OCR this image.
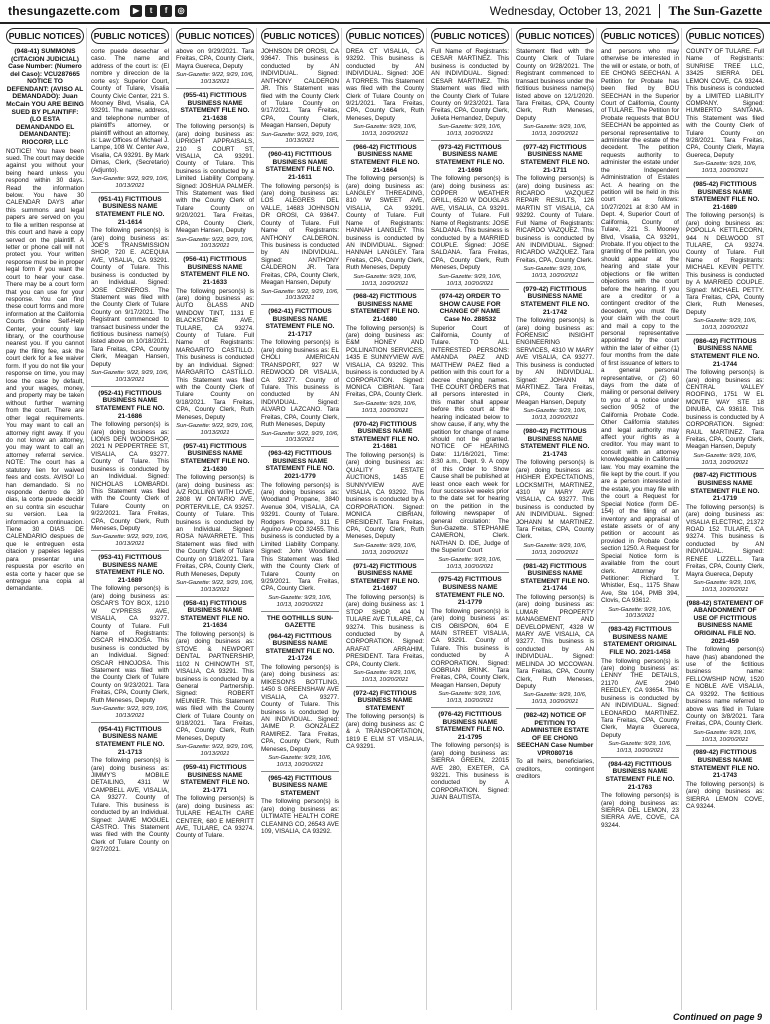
thesungazette.com	▶	t	f	◎	Wednesday, October 13, 2021 The Sun-Gazette
PUBLIC NOTICES
(948-41) SUMMONS (CITACION JUDICIAL) Case Number: (Numero del Caso): VCU287665 NOTICE TO DEFENDANT: (AVISO AL DEMANDADO): Juan McCain YOU ARE BEING SUED BY PLAINTIFF: (LO ESTA DEMANDANDO EL DEMANDANTE): RIOCORP, LLC
NOTICE! You have been sued. The court may decide against you without your being heard unless you respond within 30 days. Read the information below. You have 30 CALENDAR DAYS after this summons and legal papers are served on you to file a written response at this court and have a copy served on the plaintiff. A letter or phone call will not protect you. Your written response must be in proper legal form if you want the court to hear your case. There may be a court form that you can use for your response. You can find these court forms and more information at the California Courts Online Self-Help Center, your county law library, or the courthouse nearest you. If you cannot pay the filing fee, ask the court clerk for a fee waiver form. If you do not file your response on time, you may lose the case by default, and your wages, money, and property may be taken without further warning from the court. There are other legal requirements. You may want to call an attorney right away. If you do not know an attorney, you may want to call an attorney referral service. NOTE: The court has a statutory lien for waived fees and costs. AVISO! Lo han demandado. Si no responde dentro de 30 dias, la corte puede decidir en su contra sin escuchar su version. Lea la informacion a continuacion. Tiene 30 DIAS DE CALENDARIO despues de que le entreguen esta citacion y papeles legales para presentar una respuesta por escrito en esta corte y hacer que se entregue una copia al demandante.
PUBLIC NOTICES
corte puede desechar el caso. The name and address of the court is: (El nombre y direccion de la corte es): Superior Court, County of Tulare, Visalia County Civic Center, 221 S. Mooney Blvd, Visalia, CA 93291. The name, address, and telephone number of plaintiff's attorney, or plaintiff without an attorney, is: Law Offices of Michael J. Lampe, 108 W. Center Ave, Visalia, CA 93291. By Mark Dimas, Clerk, (Secretario) (Adjunto).
Sun-Gazette: 9/22, 9/29, 10/6, 10/13/2021
(951-41) FICTITIOUS BUSINESS NAME STATEMENT FILE NO. 21-1614
The following person(s) is (are) doing business as: JOE'S TRANSMISSION SHOP, 720 E. ACEQUIA AVE, VISALIA, CA 93291. County of Tulare. This business is conducted by an Individual. Signed: JOSE CISNEROS. The Statement was filed with the County Clerk of Tulare County on 9/17/2021. The Registrant commenced to transact business under the fictitious business name(s) listed above on 10/18/2021. Tara Freitas, CPA, County Clerk, Meagan Hansen, Deputy
Sun-Gazette: 9/22, 9/29, 10/6, 10/13/2021
(952-41) FICTITIOUS BUSINESS NAME STATEMENT FILE NO. 21-1686
The following person(s) is (are) doing business as: LIONS DEN WOODSHOP, 2021 N PEPPERTREE ST, VISALIA, CA 93277. County of Tulare. This business is conducted by an Individual. Signed: NICHOLAS LOMBARDI. This Statement was filed with the County Clerk of Tulare County on 9/22/2021. Tara Freitas, CPA, County Clerk, Ruth Meneses, Deputy
Sun-Gazette: 9/22, 9/29, 10/6, 10/13/2021
(953-41) FICTITIOUS BUSINESS NAME STATEMENT FILE NO. 21-1689
The following person(s) is (are) doing business as: OSCAR'S TOY BOX, 1210 W CYPRESS AVE, VISALIA, CA 93277. County of Tulare. Full Name of Registrants: OSCAR HINOJOSA. This business is conducted by an Individual. Signed: OSCAR HINOJOSA. This Statement was filed with the County Clerk of Tulare County on 9/23/2021. Tara Freitas, CPA, County Clerk, Ruth Meneses, Deputy
Sun-Gazette: 9/22, 9/29, 10/6, 10/13/2021
(954-41) FICTITIOUS BUSINESS NAME STATEMENT FILE NO. 21-1713
The following person(s) is (are) doing business as: JIMMY'S MOBILE DETAILING, 4311 W CAMPBELL AVE, VISALIA, CA 93277. County of Tulare. This business is conducted by an Individual. Signed: JAIME MOGUEL CASTRO. This Statement was filed with the County Clerk of Tulare County on 9/27/2021.
PUBLIC NOTICES
above on 9/29/2021. Tara Freitas, CPA, County Clerk, Mayra Guereca, Deputy
Sun-Gazette: 9/22, 9/29, 10/6, 10/13/2021
(955-41) FICTITIOUS BUSINESS NAME STATEMENT FILE NO. 21-1638
The following person(s) is (are) doing business as: UPRIGHT APPRAISALS, 210 S COURT ST, VISALIA, CA 93291. County of Tulare. This business is conducted by a Limited Liability Company. Signed: JOSHUA PALMER. This Statement was filed with the County Clerk of Tulare County on 9/20/2021. Tara Freitas, CPA, County Clerk, Meagan Hansen, Deputy
Sun-Gazette: 9/22, 9/29, 10/6, 10/13/2021
(956-41) FICTITIOUS BUSINESS NAME STATEMENT FILE NO. 21-1633
The following person(s) is (are) doing business as: AUTO GLASS AND WINDOW TINT, 1131 E BLACKSTONE AVE, TULARE, CA 93274. County of Tulare. Full Name of Registrants: MARGARITO CASTILLO. This business is conducted by an Individual. Signed: MARGARITO CASTILLO. This Statement was filed with the County Clerk of Tulare County on 9/18/2021. Tara Freitas, CPA, County Clerk, Ruth Meneses, Deputy
Sun-Gazette: 9/22, 9/29, 10/6, 10/13/2021
(957-41) FICTITIOUS BUSINESS NAME STATEMENT FILE NO. 21-1630
The following person(s) is (are) doing business as: A/Z ROLLING WITH LOVE, 2808 W ONTARIO AVE, PORTERVILLE, CA 93257. County of Tulare. This business is conducted by an Individual. Signed: ROSA NAVARRETE. This Statement was filed with the County Clerk of Tulare County on 9/18/2021. Tara Freitas, CPA, County Clerk, Ruth Meneses, Deputy
Sun-Gazette: 9/22, 9/29, 10/6, 10/13/2021
(958-41) FICTITIOUS BUSINESS NAME STATEMENT FILE NO. 21-1634
The following person(s) is (are) doing business as: STOVE & NEWPORT DENTAL PARTNERSHIP, 1102 N CHINOWTH ST, VISALIA, CA 93291. This business is conducted by a General Partnership. Signed: ROBERT MEUNIER. This Statement was filed with the County Clerk of Tulare County on 9/18/2021. Tara Freitas, CPA, County Clerk, Ruth Meneses, Deputy
Sun-Gazette: 9/22, 9/29, 10/6, 10/13/2021
(959-41) FICTITIOUS BUSINESS NAME STATEMENT FILE NO. 21-1771
The following person(s) is (are) doing business as: TULARE HEALTH CARE CENTER, 680 E MERRITT AVE, TULARE, CA 93274. County of Tulare.
PUBLIC NOTICES
JOHNSON DR OROSI, CA 93647. This business is conducted by AN INDIVIDUAL. Signed: ANTHONY CALDERON JR. This Statement was filed with the County Clerk of Tulare County on 9/17/2021. Tara Freitas, CPA, County Clerk, Meagan Hansen, Deputy
Sun-Gazette: 9/22, 9/29, 10/6, 10/13/2021
(960-41) FICTITIOUS BUSINESS NAME STATEMENT FILE NO. 21-1611
The following person(s) is (are) doing business as: LOS ALEGRES DEL VALLE, 14683 JOHNSON DR OROSI, CA 93647. County of Tulare. Full Name of Registrants: ANTHONY CALDERON. This business is conducted by AN INDIVIDUAL. Signed: ANTHONY CALDERON JR. Tara Freitas, CPA, County Clerk, Meagan Hansen, Deputy
Sun-Gazette: 9/22, 9/29, 10/6, 10/13/2021
(962-41) FICTITIOUS BUSINESS NAME STATEMENT FILE NO. 21-1717
The following person(s) is (are) doing business as: EL CHOLI AMERICAN TRANSPORT, 927 W REDWOOD DR VISALIA, CA 93277. County of Tulare. This business is conducted by AN INDIVIDUAL. Signed: ALVARO LAZCANO. Tara Freitas, CPA, County Clerk, Ruth Meneses, Deputy
Sun-Gazette: 9/22, 9/29, 10/6, 10/13/2021
(963-42) FICTITIOUS BUSINESS NAME STATEMENT FILE NO. 2021-1779
The following person(s) is (are) doing business as: Woodland Propane, 3840 Avenue 304, VISALIA, CA 93291. County of Tulare. Rodgers Propane, 311 E Aguino Ave CO 32455. This business is conducted by a Limited Liability Company. Signed: John Woodland. This Statement was filed with the County Clerk of Tulare County on 9/29/2021. Tara Freitas, CPA, County Clerk.
Sun-Gazette: 9/29, 10/6, 10/13, 10/20/2021
THE GOTHILLS SUN-GAZETTE
(964-42) FICTITIOUS BUSINESS NAME STATEMENT FILE NO. 21-1724
The following person(s) is (are) doing business as: MIKESON'S BOTTLING, 1450 S GREENSHAW AVE VISALIA, CA 93277. County of Tulare. This business is conducted by AN INDIVIDUAL. Signed: JAIME P. GONZALEZ RAMIREZ. Tara Freitas, CPA, County Clerk, Ruth Meneses, Deputy
Sun-Gazette: 9/29, 10/6, 10/13, 10/20/2021
(965-42) FICTITIOUS BUSINESS NAME STATEMENT
The following person(s) is (are) doing business as: ULTIMATE HEALTH CORE CLEANING CO, 26543 AVE 109, VISALIA, CA 93292.
PUBLIC NOTICES
DREA CT VISALIA, CA 93292. This business is conducted by AN INDIVIDUAL. Signed: JOE A TORRES. This Statement was filed with the County Clerk of Tulare County on 9/21/2021. Tara Freitas, CPA, County Clerk, Ruth Meneses, Deputy
Sun-Gazette: 9/29, 10/6, 10/13, 10/20/2021
(966-42) FICTITIOUS BUSINESS NAME STATEMENT FILE NO. 21-1664
The following person(s) is (are) doing business as: LANGLEY THREADING, 810 W SWEET AVE, VISALIA, CA 93291. County of Tulare. Full Name of Registrants: HANNAH LANGLEY. This business is conducted by AN INDIVIDUAL. Signed: HANNAH LANGLEY. Tara Freitas, CPA, County Clerk, Ruth Meneses, Deputy
Sun-Gazette: 9/29, 10/6, 10/13, 10/20/2021
(968-42) FICTITIOUS BUSINESS NAME STATEMENT FILE NO. 21-1680
The following person(s) is (are) doing business as: E&M HONEY AND POLLINATION SERVICES, 1435 E SUNNYVIEW AVE VISALIA, CA 93292. This business is conducted by A CORPORATION. Signed: MONICA CIBRIAN. Tara Freitas, CPA, County Clerk.
Sun-Gazette: 9/29, 10/6, 10/13, 10/20/2021
(970-42) FICTITIOUS BUSINESS NAME STATEMENT FILE NO. 21-1681
The following person(s) is (are) doing business as: QUALITY ESTATE AUCTIONS, 1435 E SUNNYVIEW AVE VISALIA, CA 93292. This business is conducted by A CORPORATION. Signed: MONICA CIBRIAN, PRESIDENT. Tara Freitas, CPA, County Clerk, Ruth Meneses, Deputy
Sun-Gazette: 9/29, 10/6, 10/13, 10/20/2021
(971-42) FICTITIOUS BUSINESS NAME STATEMENT FILE NO. 21-1697
The following person(s) is (are) doing business as: 1 STOP SHOP, 404 N TULARE AVE TULARE, CA 93274. This business is conducted by A CORPORATION. Signed: ARAFAT ARRAHIM, PRESIDENT. Tara Freitas, CPA, County Clerk.
Sun-Gazette: 9/29, 10/6, 10/13, 10/20/2021
(972-42) FICTITIOUS BUSINESS NAME STATEMENT
The following person(s) is (are) doing business as: C & A TRANSPORTATION, 1819 E ELM ST VISALIA, CA 93291.
PUBLIC NOTICES
Full Name of Registrants: CESAR MARTINEZ. This business is conducted by AN INDIVIDUAL. Signed: CESAR MARTINEZ. This Statement was filed with the County Clerk of Tulare County on 9/23/2021. Tara Freitas, CPA, County Clerk, Julieta Hernandez, Deputy
Sun-Gazette: 9/29, 10/6, 10/13, 10/20/2021
(973-42) FICTITIOUS BUSINESS NAME STATEMENT FILE NO. 21-1698
The following person(s) is (are) doing business as: COPPER WEATHER GRILL, 6520 W DOUGLAS AVE, VISALIA, CA 93291. County of Tulare. Full Name of Registrants: JOSE SALDANA. This business is conducted by a MARRIED COUPLE. Signed: JOSE SALDANA. Tara Freitas, CPA, County Clerk, Ruth Meneses, Deputy
Sun-Gazette: 9/29, 10/6, 10/13, 10/20/2021
(974-42) ORDER TO SHOW CAUSE FOR CHANGE OF NAME Case No. 288532
Superior Court of California, County of Tulare. TO ALL INTERESTED PERSONS: AMANDA PAEZ AND MATTHEW PAEZ filed a petition with this court for a decree changing names. THE COURT ORDERS that all persons interested in this matter shall appear before this court at the hearing indicated below to show cause, if any, why the petition for change of name should not be granted. NOTICE OF HEARING Date: 11/16/2021, Time: 8:30 a.m., Dept. 9. A copy of this Order to Show Cause shall be published at least once each week for four successive weeks prior to the date set for hearing on the petition in the following newspaper of general circulation: The Sun-Gazette. STEPHANIE CAMERON, Clerk. NATHAN D. IDE, Judge of the Superior Court
Sun-Gazette: 9/29, 10/6, 10/13, 10/20/2021
(975-42) FICTITIOUS BUSINESS NAME STATEMENT FILE NO. 21-1779
The following person(s) is (are) doing business as: CIS OBISPON, 604 E MAIN STREET VISALIA, CA 93291. County of Tulare. This business is conducted by A CORPORATION. Signed: GOBRIAN BRINK. Tara Freitas, CPA, County Clerk, Meagan Hansen, Deputy
Sun-Gazette: 9/29, 10/6, 10/13, 10/20/2021
(976-42) FICTITIOUS BUSINESS NAME STATEMENT FILE NO. 21-1795
The following person(s) is (are) doing business as: SIERRA GREEN, 22015 AVE 280, EXETER, CA 93221. This business is conducted by A CORPORATION. Signed: JUAN BAUTISTA.
PUBLIC NOTICES
Statement filed with the County Clerk of Tulare County on 9/28/2021. The Registrant commenced to transact business under the fictitious business name(s) listed above on 12/1/2020. Tara Freitas, CPA, County Clerk, Ruth Meneses, Deputy
Sun-Gazette: 9/29, 10/6, 10/13, 10/20/2021
(977-42) FICTITIOUS BUSINESS NAME STATEMENT FILE NO. 21-1711
The following person(s) is (are) doing business as: RICARDO VAZQUEZ REPAIR RESULTS, 126 MARTIN ST VISALIA, CA 93292. County of Tulare. Full Name of Registrants: RICARDO VAZQUEZ. This business is conducted by AN INDIVIDUAL. Signed: RICARDO VAZQUEZ. Tara Freitas, CPA, County Clerk.
Sun-Gazette: 9/29, 10/6, 10/13, 10/20/2021
(979-42) FICTITIOUS BUSINESS NAME STATEMENT FILE NO. 21-1742
The following person(s) is (are) doing business as: FORENSIC INSIGHT ENGINEERING SERVICES, 4310 W MARY AVE VISALIA, CA 93277. This business is conducted by AN INDIVIDUAL. Signed: JOHANN M MARTINEZ. Tara Freitas, CPA, County Clerk, Meagan Hansen, Deputy
Sun-Gazette: 9/29, 10/6, 10/13, 10/20/2021
(980-42) FICTITIOUS BUSINESS NAME STATEMENT FILE NO. 21-1743
The following person(s) is (are) doing business as: HIGHER EXPECTATIONS, LOCKSMITH, MARTINEZ, 4310 W MARY AVE VISALIA, CA 93277. This business is conducted by AN INDIVIDUAL. Signed: JOHANN M MARTINEZ. Tara Freitas, CPA, County Clerk.
Sun-Gazette: 9/29, 10/6, 10/13, 10/20/2021
(981-42) FICTITIOUS BUSINESS NAME STATEMENT FILE NO. 21-1744
The following person(s) is (are) doing business as: LUMAR PROPERTY MANAGEMENT AND DEVELOPMENT, 4328 W MARY AVE VISALIA, CA 93277. This business is conducted by AN INDIVIDUAL. Signed: MELINDA JO MCCOWAN. Tara Freitas, CPA, County Clerk, Ruth Meneses, Deputy
Sun-Gazette: 9/29, 10/6, 10/13, 10/20/2021
(982-42) NOTICE OF PETITION TO ADMINISTER ESTATE OF EE CHONG SEECHAN Case Number VPR080716
To all heirs, beneficiaries, creditors, contingent creditors
PUBLIC NOTICES
and persons who may otherwise be interested in the will or estate, or both, of EE CHONG SEECHAN. A Petition for Probate has been filed by BOU SEECHAN in the Superior Court of California, County of TULARE. The Petition for Probate requests that BOU SEECHAN be appointed as personal representative to administer the estate of the decedent. The petition requests authority to administer the estate under the Independent Administration of Estates Act. A hearing on the petition will be held in this court as follows: 10/27/2021 at 8:30 AM in Dept. 4, Superior Court of California, County of Tulare, 221 S. Mooney Blvd, Visalia, CA 93291, Probate. If you object to the granting of the petition, you should appear at the hearing and state your objections or file written objections with the court before the hearing. If you are a creditor or a contingent creditor of the decedent, you must file your claim with the court and mail a copy to the personal representative appointed by the court within the later of either (1) four months from the date of first issuance of letters to a general personal representative, or (2) 60 days from the date of mailing or personal delivery to you of a notice under section 9052 of the California Probate Code. Other California statutes and legal authority may affect your rights as a creditor. You may want to consult with an attorney knowledgeable in California law. You may examine the file kept by the court. If you are a person interested in the estate, you may file with the court a Request for Special Notice (form DE-154) of the filing of an inventory and appraisal of estate assets or of any petition or account as provided in Probate Code section 1250. A Request for Special Notice form is available from the court clerk. Attorney for Petitioner: Richard T. Whistler, Esq., 1175 Shaw Ave, Ste 104, PMB 394, Clovis, CA 93612.
Sun-Gazette: 9/29, 10/6, 10/13/2021
(983-42) FICTITIOUS BUSINESS NAME STATEMENT ORIGINAL FILE NO. 2021-1458
The following person(s) is (are) doing business as: LENNY THE DETAILS, 21170 AVE 2940 REEDLEY, CA 93654. This business is conducted by AN INDIVIDUAL. Signed: LEONARDO MARTINEZ. Tara Freitas, CPA, County Clerk, Mayra Guereca, Deputy
Sun-Gazette: 9/29, 10/6, 10/13, 10/20/2021
(984-42) FICTITIOUS BUSINESS NAME STATEMENT FILE NO. 21-1763
The following person(s) is (are) doing business as: SIERRA DEL LEMON, 23 SIERRA AVE, COVE, CA 93244.
PUBLIC NOTICES
COUNTY OF TULARE. Full Name of Registrants: SUNRISE TREE LLC, 33425 SIERRA DEL LEMON COVE, CA 93244. This business is conducted by a LIMITED LIABILITY COMPANY. Signed: HUMBERTO SANTANA. This Statement was filed with the County Clerk of Tulare County on 9/28/2021. Tara Freitas, CPA, County Clerk, Mayra Guereca, Deputy
Sun-Gazette: 9/29, 10/6, 10/13, 10/20/2021
(985-42) FICTITIOUS BUSINESS NAME STATEMENT FILE NO. 21-1689
The following person(s) is (are) doing business as: POPOLLA KETTLECORN, 944 N DELWOOD ST TULARE, CA 93274. County of Tulare. Full Name of Registrants: MICHAEL KEVIN PETTY. This business is conducted by A MARRIED COUPLE. Signed: MICHAEL PETTY. Tara Freitas, CPA, County Clerk, Ruth Meneses, Deputy
Sun-Gazette: 9/29, 10/6, 10/13, 10/20/2021
(986-42) FICTITIOUS BUSINESS NAME STATEMENT FILE NO. 21-1744
The following person(s) is (are) doing business as: CENTRAL VALLEY ROOFING, 1751 W EL MONTE WAY STE 18 DINUBA, CA 93618. This business is conducted by A CORPORATION. Signed: RAUL MARTINEZ. Tara Freitas, CPA, County Clerk, Meagan Hansen, Deputy
Sun-Gazette: 9/29, 10/6, 10/13, 10/20/2021
(987-42) FICTITIOUS BUSINESS NAME STATEMENT FILE NO. 21-1719
The following person(s) is (are) doing business as: VISALIA ELECTRIC, 21372 ROAD 152 TULARE, CA 93274. This business is conducted by AN INDIVIDUAL. Signed: RENEE LIZZELL. Tara Freitas, CPA, County Clerk, Mayra Guereca, Deputy
Sun-Gazette: 9/29, 10/6, 10/13, 10/20/2021
(988-42) STATEMENT OF ABANDONMENT OF USE OF FICTITIOUS BUSINESS NAME ORIGINAL FILE NO. 2021-459
The following person(s) have (has) abandoned the use of the fictitious business name: FELLOWSHIP NOW, 1520 E NOBLE AVE VISALIA, CA 93292. The fictitious business name referred to above was filed in Tulare County on 3/8/2021. Tara Freitas, CPA, County Clerk.
Sun-Gazette: 9/29, 10/6, 10/13, 10/20/2021
(989-42) FICTITIOUS BUSINESS NAME STATEMENT FILE NO. 21-1743
The following person(s) is (are) doing business as: SIERRA LEMON COVE, CA 93244.
Continued on page 9
